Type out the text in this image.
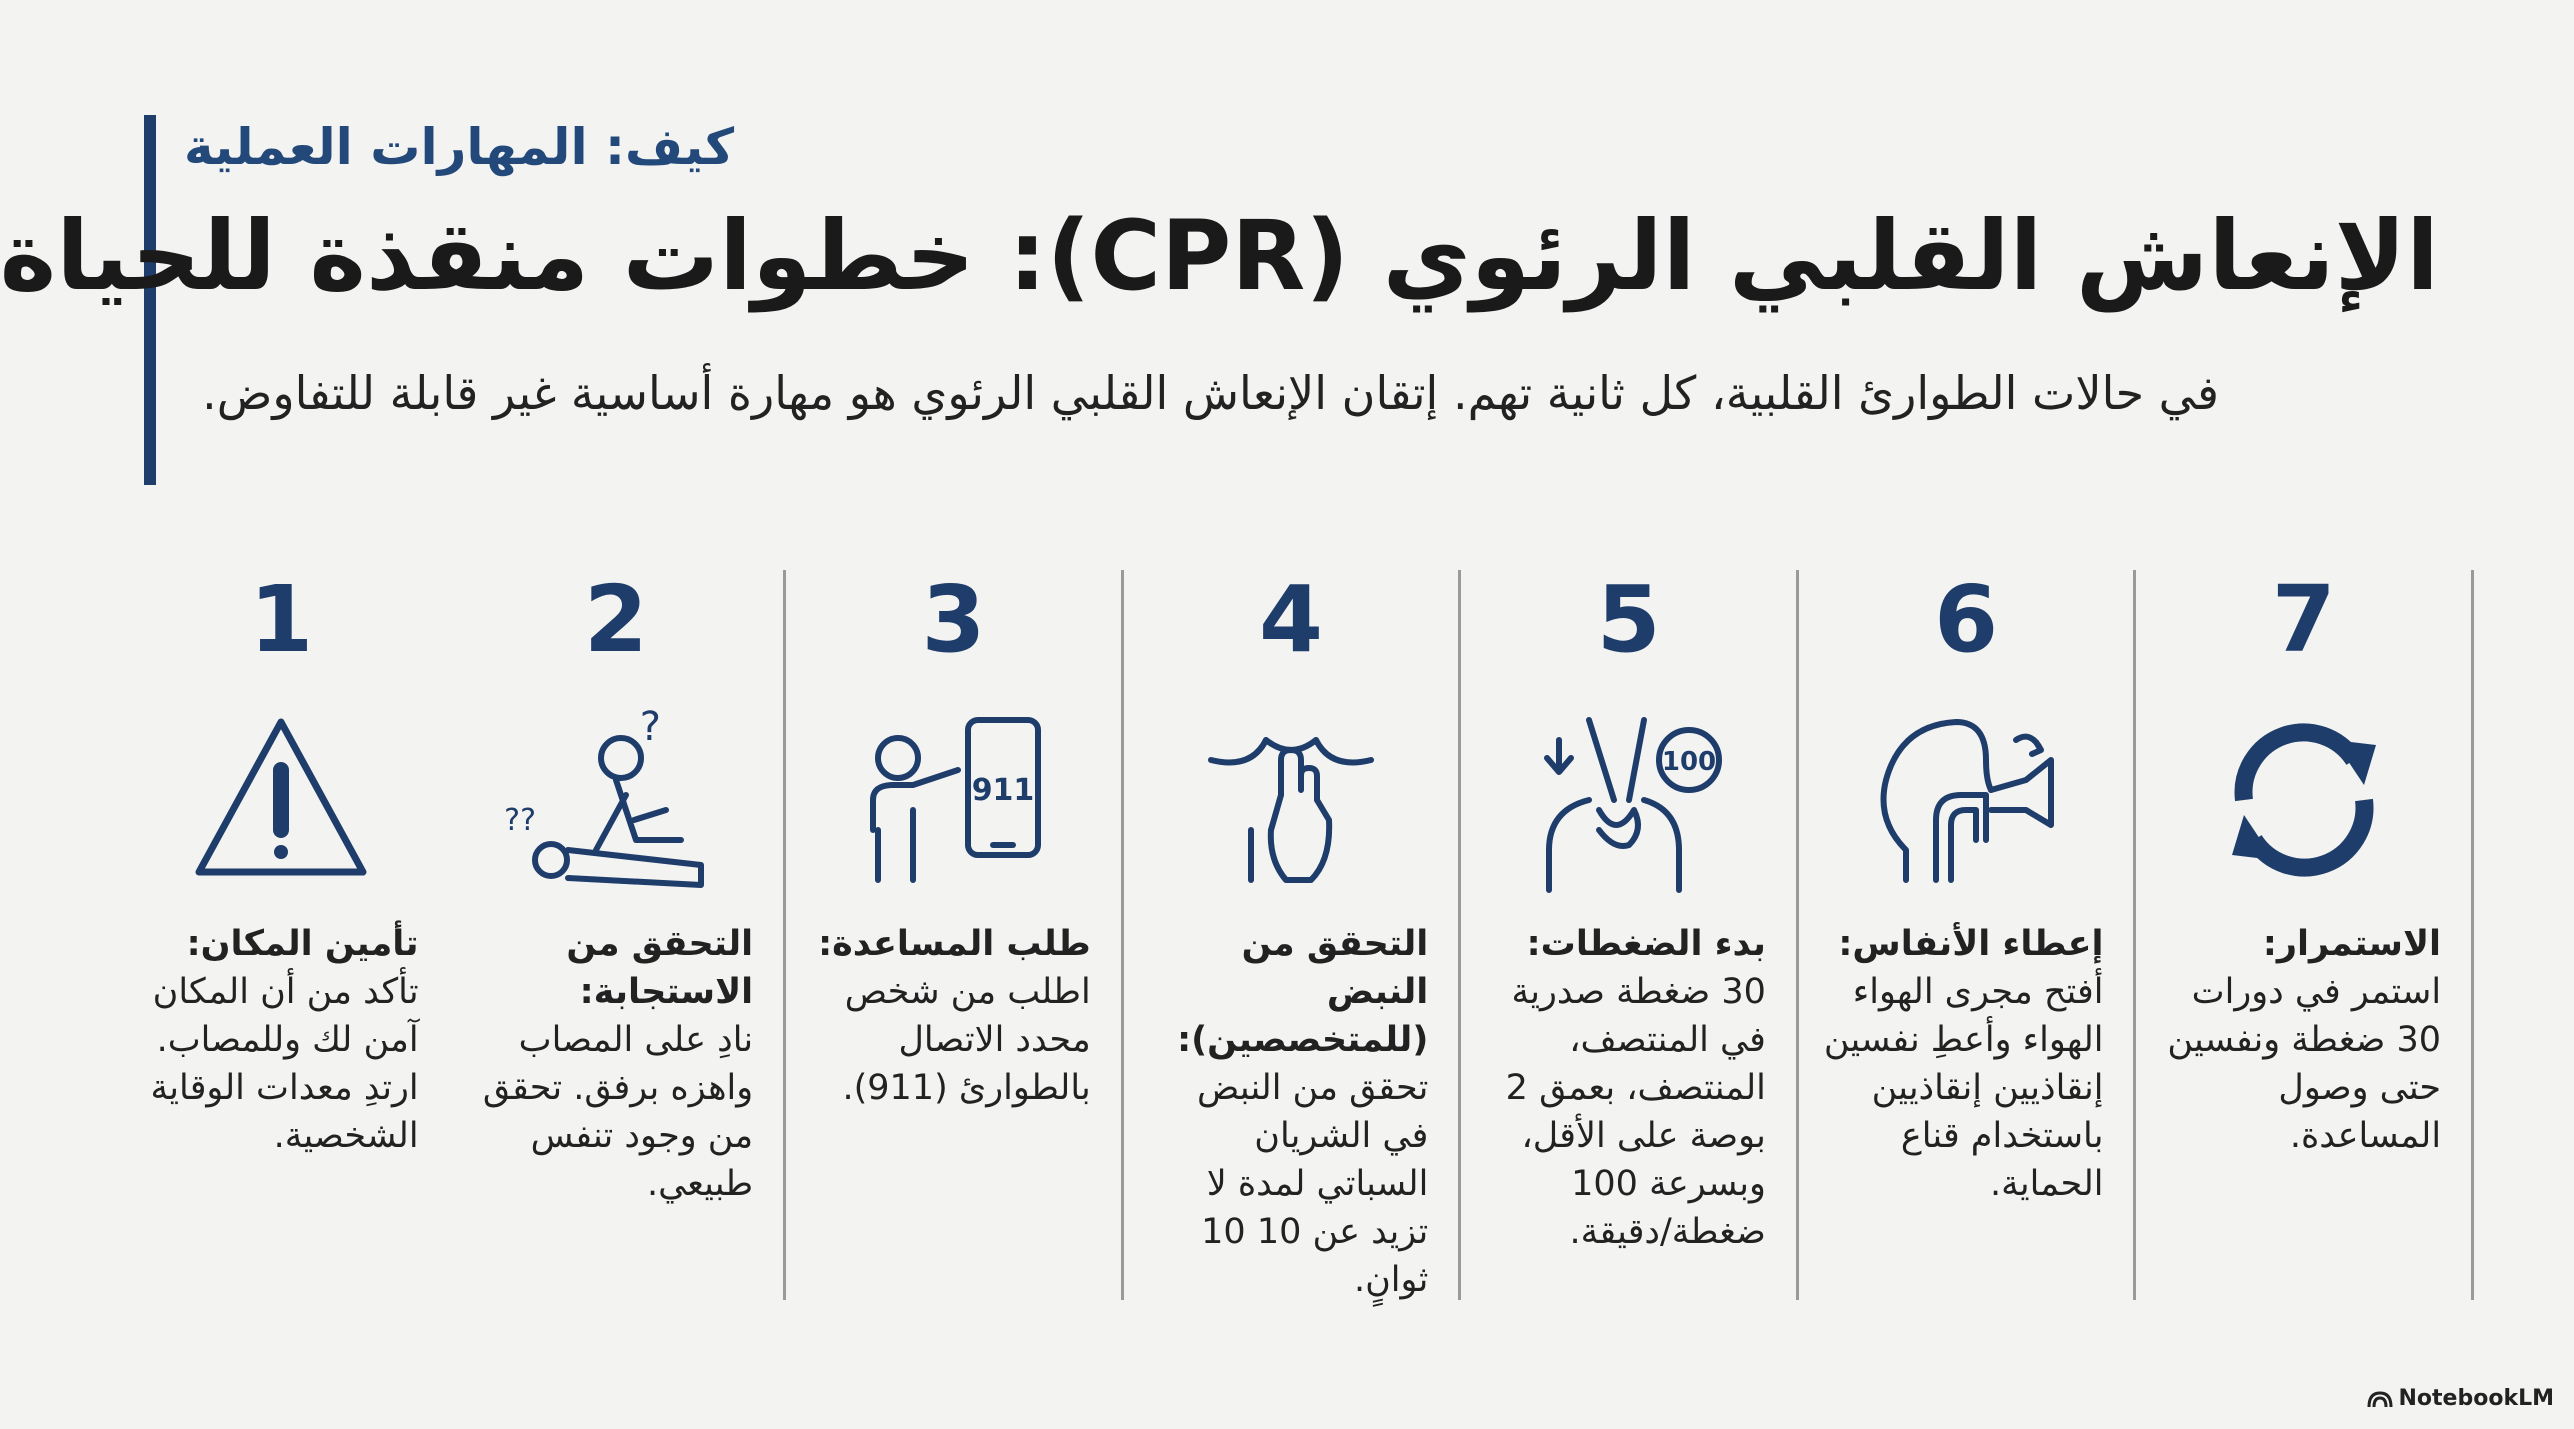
كيف: المهارات العملية
الإنعاش القلبي الرئوي (CPR): خطوات منقذة للحياة
في حالات الطوارئ القلبية، كل ثانية تهم. إتقان الإنعاش القلبي الرئوي هو مهارة أساسية غير قابلة للتفاوض.
1
تأمين المكان:
تأكد من أن المكان آمن لك وللمصاب. ارتدِ معدات الوقاية الشخصية.
2
?
??
التحقق من الاستجابة:
نادِ على المصاب واهزه برفق. تحقق من وجود تنفس طبيعي.
3
911
طلب المساعدة:
اطلب من شخص محدد الاتصال بالطوارئ (911).
4
التحقق من النبض (للمتخصصين):
تحقق من النبض في الشريان السباتي لمدة لا تزيد عن 10 10 ثوانٍ.
5
100
بدء الضغطات:
30 ضغطة صدرية في المنتصف، المنتصف، بعمق 2 بوصة على الأقل، وبسرعة 100 ضغطة/دقيقة.
6
إعطاء الأنفاس:
أفتح مجرى الهواء الهواء وأعطِ نفسين إنقاذيين إنقاذيين باستخدام قناع الحماية.
7
الاستمرار:
استمر في دورات 30 ضغطة ونفسين حتى وصول المساعدة.
NotebookLM
